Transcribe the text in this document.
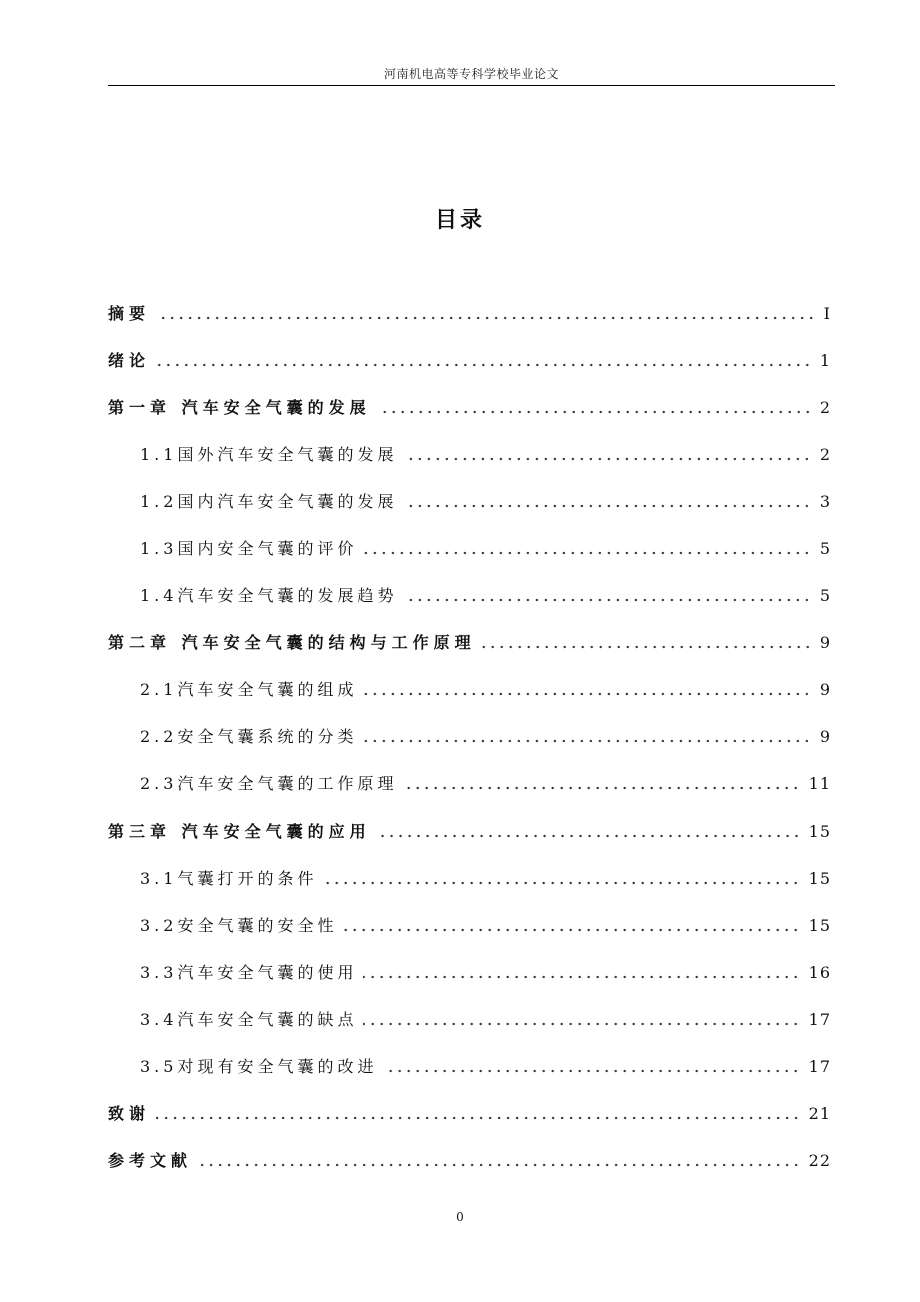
河南机电高等专科学校毕业论文
目录
摘要	I
绪论	1
第一章 汽车安全气囊的发展	2
1.1国外汽车安全气囊的发展	2
1.2国内汽车安全气囊的发展	3
1.3国内安全气囊的评价	5
1.4汽车安全气囊的发展趋势	5
第二章 汽车安全气囊的结构与工作原理	9
2.1汽车安全气囊的组成	9
2.2安全气囊系统的分类	9
2.3汽车安全气囊的工作原理	11
第三章 汽车安全气囊的应用	15
3.1气囊打开的条件	15
3.2安全气囊的安全性	15
3.3汽车安全气囊的使用	16
3.4汽车安全气囊的缺点	17
3.5对现有安全气囊的改进	17
致谢	21
参考文献	22
0
